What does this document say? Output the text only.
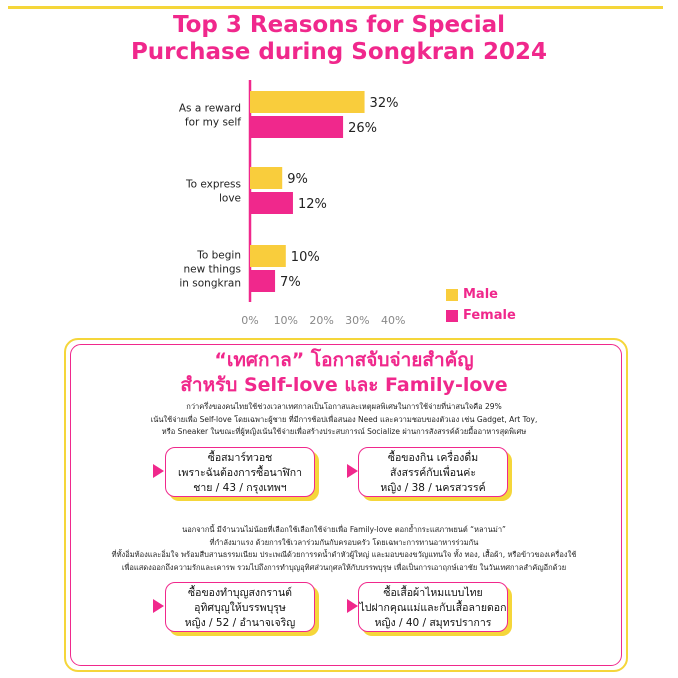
Top 3 Reasons for Special
Purchase during Songkran 2024
32%
26%
As a reward
for my self
9%
12%
To express
love
10%
7%
To begin
new things
in songkran
0% 10% 20% 30% 40%
Male
Female
“เทศกาล” โอกาสจับจ่ายสำคัญ
สำหรับ Self-love และ Family-love
กว่าครึ่งของคนไทยใช้ช่วงเวลาเทศกาลเป็นโอกาสและเหตุผลพิเศษในการใช้จ่ายที่น่าสนใจคือ 29%
เน้นใช้จ่ายเพื่อ Self-love โดยเฉพาะผู้ชาย ที่มีการช้อปเพื่อสนอง Need และความชอบของตัวเอง เช่น Gadget, Art Toy,
หรือ Sneaker ในขณะที่ผู้หญิงเน้นใช้จ่ายเพื่อสร้างประสบการณ์ Socialize ผ่านการสังสรรค์ด้วยมื้ออาหารสุดพิเศษ
ซื้อสมาร์ทวอช
เพราะฉันต้องการซื้อนาฬิกา
ชาย / 43 / กรุงเทพฯ
ซื้อของกิน เครื่องดื่ม
สังสรรค์กับเพื่อนค่ะ
หญิง / 38 / นครสวรรค์
นอกจากนี้ มีจำนวนไม่น้อยที่เลือกใช้เลือกใช้จ่ายเพื่อ Family-love ตอกย้ำกระแสภาพยนต์ “หลานม่า”
ที่กำลังมาแรง ด้วยการใช้เวลาร่วมกันกับครอบครัว โดยเฉพาะการทานอาหารร่วมกัน
ที่ทั้งอิ่มท้องและอิ่มใจ พร้อมสืบสานธรรมเนียม ประเพณีด้วยการรดน้ำดำหัวผู้ใหญ่ และมอบของขวัญแทนใจ ทั้ง ทอง, เสื้อผ้า, หรือข้าวของเครื่องใช้
เพื่อแสดงออกถึงความรักและเคารพ รวมไปถึงการทำบุญอุทิศส่วนกุศลให้กับบรรพบุรุษ เพื่อเป็นการเอาฤกษ์เอาชัย ในวันเทศกาลสำคัญอีกด้วย
ซื้อของทำบุญสงกรานต์
อุทิศบุญให้บรรพบุรุษ
หญิง / 52 / อำนาจเจริญ
ซื้อเสื้อผ้าไหมแบบไทย
ไปฝากคุณแม่และกับเสื้อลายดอก
หญิง / 40 / สมุทรปราการ
